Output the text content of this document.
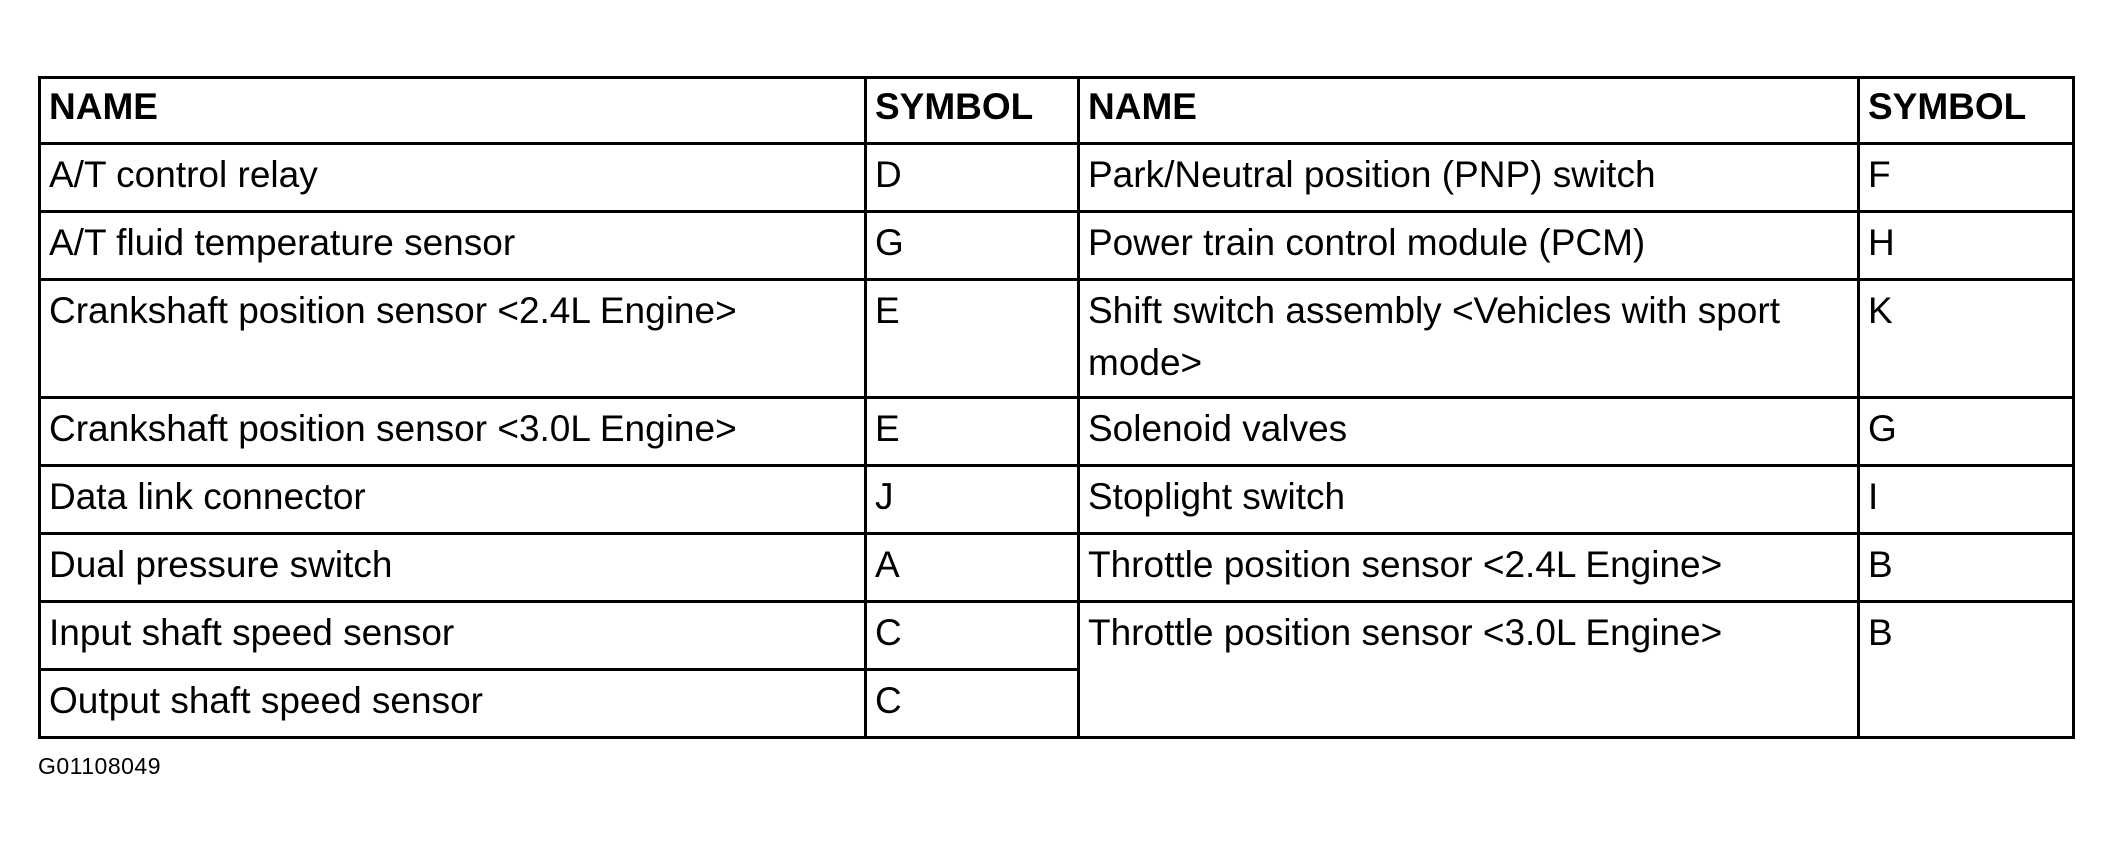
NAME	SYMBOL	NAME	SYMBOL
A/T control relay	D	Park/Neutral position (PNP) switch	F
A/T fluid temperature sensor	G	Power train control module (PCM)	H
Crankshaft position sensor <2.4L Engine>	E	Shift switch assembly <Vehicles with sport mode>	K
Crankshaft position sensor <3.0L Engine>	E	Solenoid valves	G
Data link connector	J	Stoplight switch	I
Dual pressure switch	A	Throttle position sensor <2.4L Engine>	B
Input shaft speed sensor	C	Throttle position sensor <3.0L Engine>	B
Output shaft speed sensor	C		
G01108049
